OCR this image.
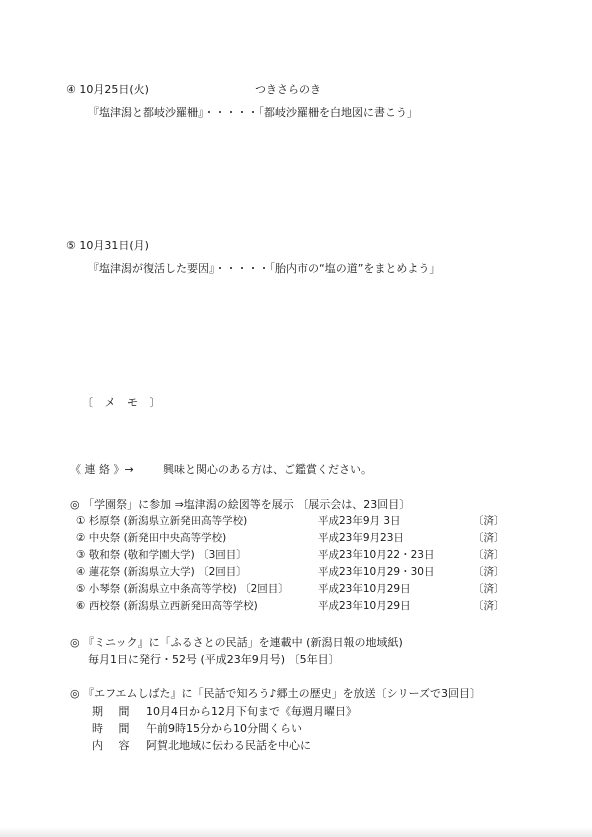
④ 10月25日(火)	つきさらのき
『塩津潟と都岐沙羅柵』・・・・・「都岐沙羅柵を白地図に書こう」
⑤ 10月31日(月)
『塩津潟が復活した要因』・・・・・「胎内市の“塩の道”をまとめよう」
〔 メ モ 〕
《 連 絡 》→	興味と関心のある方は、ご鑑賞ください。
◎ 「学園祭」に参加 ⇒塩津潟の絵図等を展示 〔展示会は、23回目〕
① 杉原祭 (新潟県立新発田高等学校)	平成23年9月 3日	〔済〕
② 中央祭 (新発田中央高等学校)	平成23年9月23日	〔済〕
③ 敬和祭 (敬和学園大学) 〔3回目〕	平成23年10月22・23日	〔済〕
④ 蓮花祭 (新潟県立大学) 〔2回目〕	平成23年10月29・30日	〔済〕
⑤ 小琴祭 (新潟県立中条高等学校) 〔2回目〕	平成23年10月29日	〔済〕
⑥ 西校祭 (新潟県立西新発田高等学校)	平成23年10月29日	〔済〕
◎ 『ミニック』に「ふるさとの民話」を連載中 (新潟日報の地域紙)
毎月1日に発行・52号 (平成23年9月号) 〔5年目〕
◎ 『エフエムしばた』に「民話で知ろう♪郷土の歴史」を放送〔シリーズで3回目〕
期 間 10月4日から12月下旬まで《毎週月曜日》
時 間 午前9時15分から10分間くらい
内 容 阿賀北地域に伝わる民話を中心に
